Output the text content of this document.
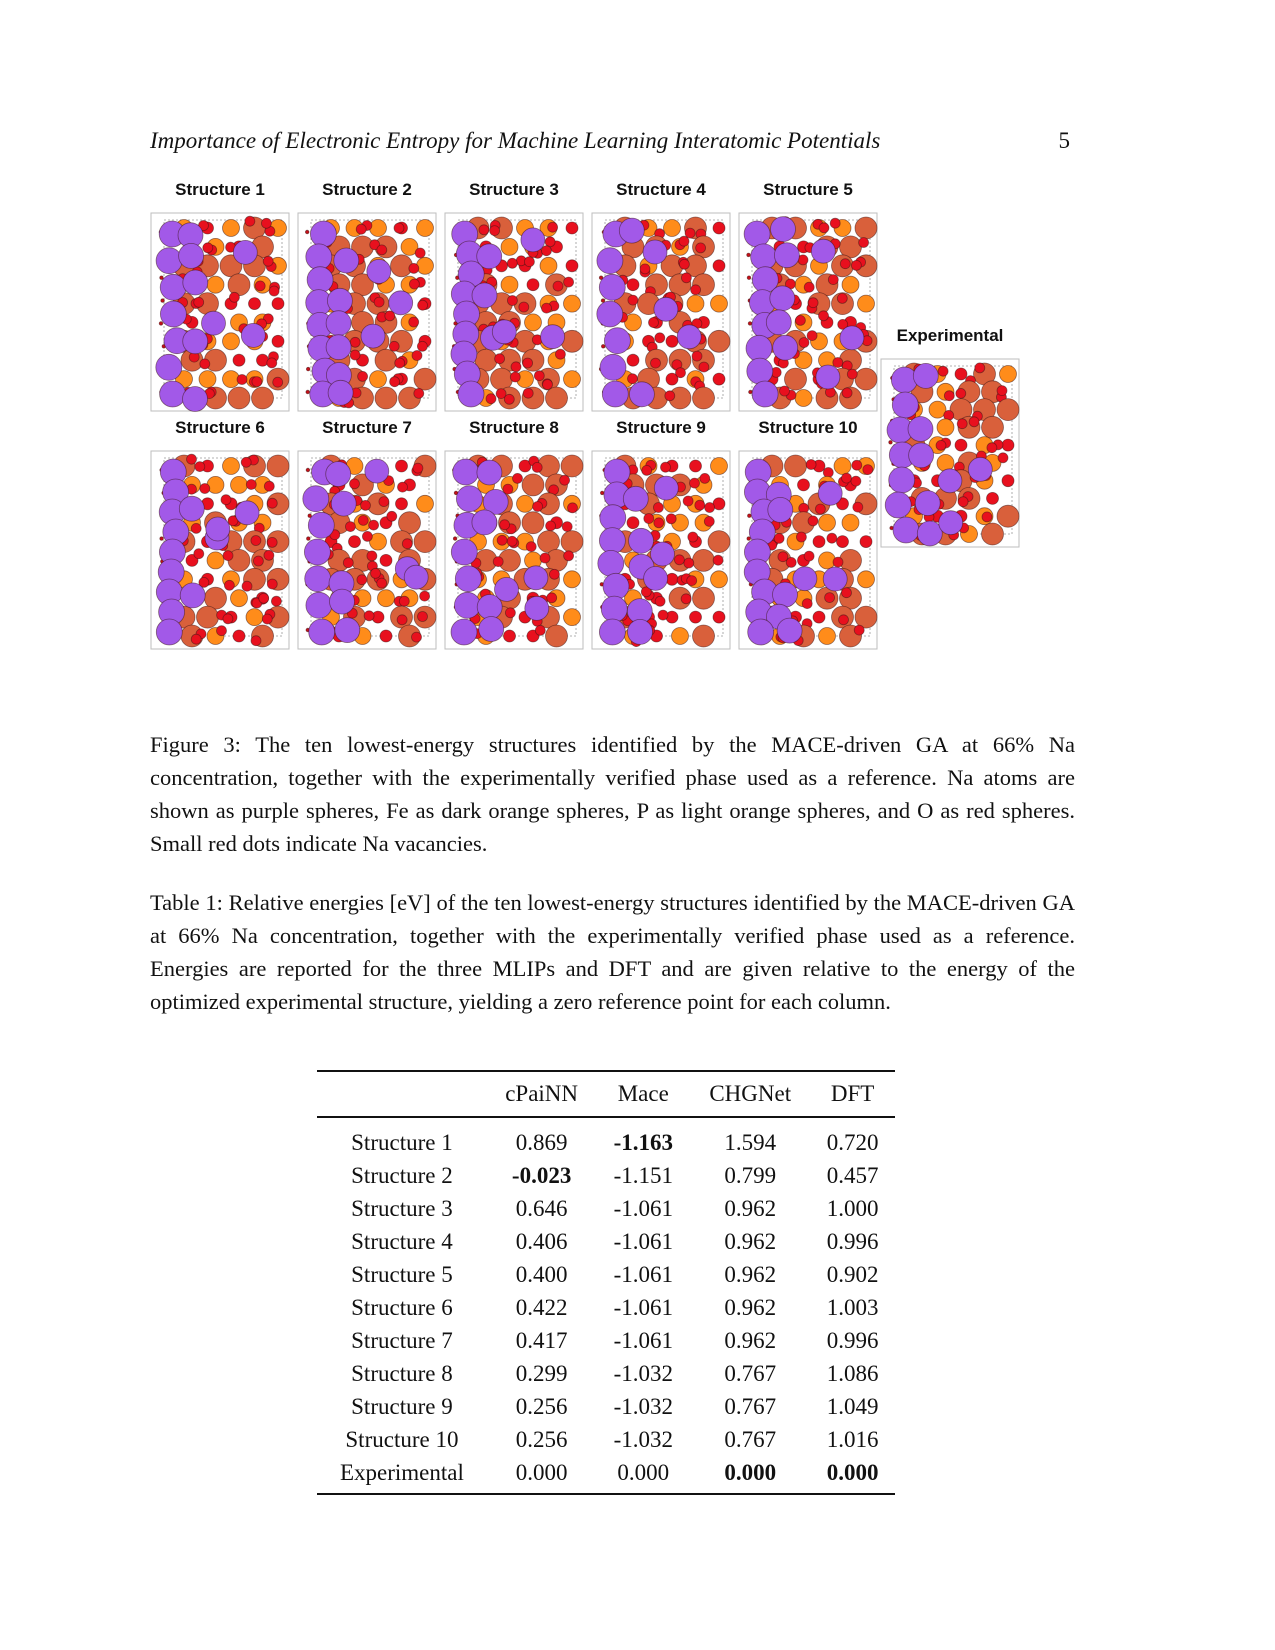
Importance of Electronic Entropy for Machine Learning Interatomic Potentials	5
Structure 1	Structure 2	Structure 3	Structure 4	Structure 5
Structure 6	Structure 7	Structure 8	Structure 9	Structure 10
Experimental
Figure 3: The ten lowest-energy structures identified by the MACE-driven GA at 66% Na concentration, together with the experimentally verified phase used as a reference. Na atoms are shown as purple spheres, Fe as dark orange spheres, P as light orange spheres, and O as red spheres. Small red dots indicate Na vacancies.
Table 1: Relative energies [eV] of the ten lowest-energy structures identified by the MACE-driven GA at 66% Na concentration, together with the experimentally verified phase used as a reference. Energies are reported for the three MLIPs and DFT and are given relative to the energy of the optimized experimental structure, yielding a zero reference point for each column.
	cPaiNN	Mace	CHGNet	DFT
Structure 1	0.869	-1.163	1.594	0.720
Structure 2	-0.023	-1.151	0.799	0.457
Structure 3	0.646	-1.061	0.962	1.000
Structure 4	0.406	-1.061	0.962	0.996
Structure 5	0.400	-1.061	0.962	0.902
Structure 6	0.422	-1.061	0.962	1.003
Structure 7	0.417	-1.061	0.962	0.996
Structure 8	0.299	-1.032	0.767	1.086
Structure 9	0.256	-1.032	0.767	1.049
Structure 10	0.256	-1.032	0.767	1.016
Experimental	0.000	0.000	0.000	0.000
